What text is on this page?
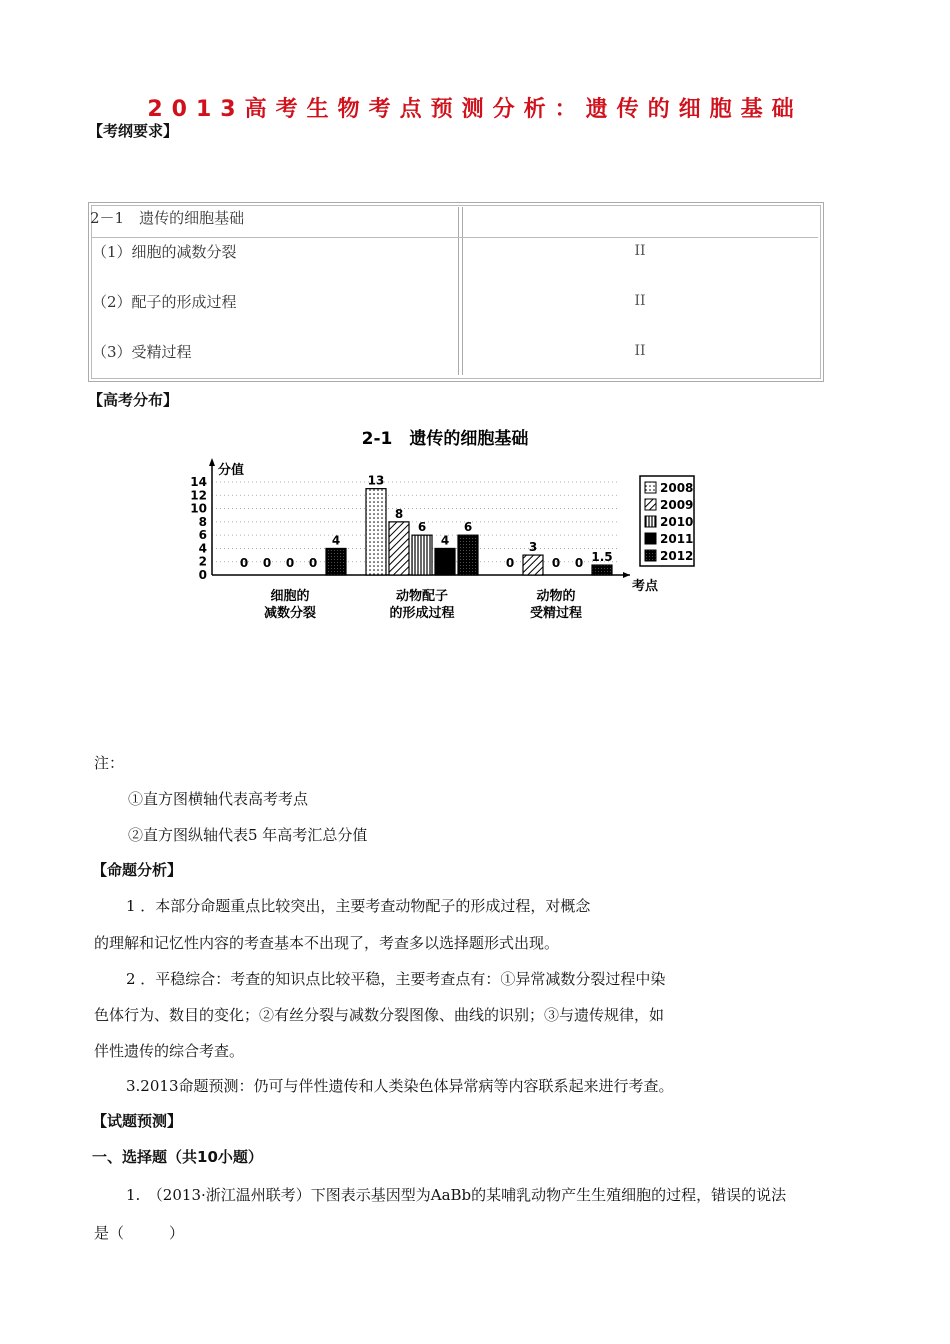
2013高考生物考点预测分析：遗传的细胞基础
【考纲要求】
2－1　遗传的细胞基础
（1）细胞的减数分裂	II
（2）配子的形成过程	II
（3）受精过程	II
【高考分布】
2-1　遗传的细胞基础
0
2
4
6
8
10
12
14
分值
考点
0 0 0 0
4
13
8
6
4
6
0
3
0 0 1.5
细胞的
减数分裂
动物配子
的形成过程
动物的
受精过程
2008
2009
2010
2011
2012
注：
①直方图横轴代表高考考点
②直方图纵轴代表5 年高考汇总分值
【命题分析】
1 ．本部分命题重点比较突出，主要考查动物配子的形成过程，对概念
的理解和记忆性内容的考查基本不出现了，考查多以选择题形式出现。
2 ．平稳综合：考查的知识点比较平稳，主要考查点有：①异常减数分裂过程中染
色体行为、数目的变化；②有丝分裂与减数分裂图像、曲线的识别；③与遗传规律，如
伴性遗传的综合考查。
3.2013命题预测：仍可与伴性遗传和人类染色体异常病等内容联系起来进行考查。
【试题预测】
一、选择题（共10小题）
1.　（2013·浙江温州联考）下图表示基因型为AaBb的某哺乳动物产生生殖细胞的过程，错误的说法
是（　　　）
